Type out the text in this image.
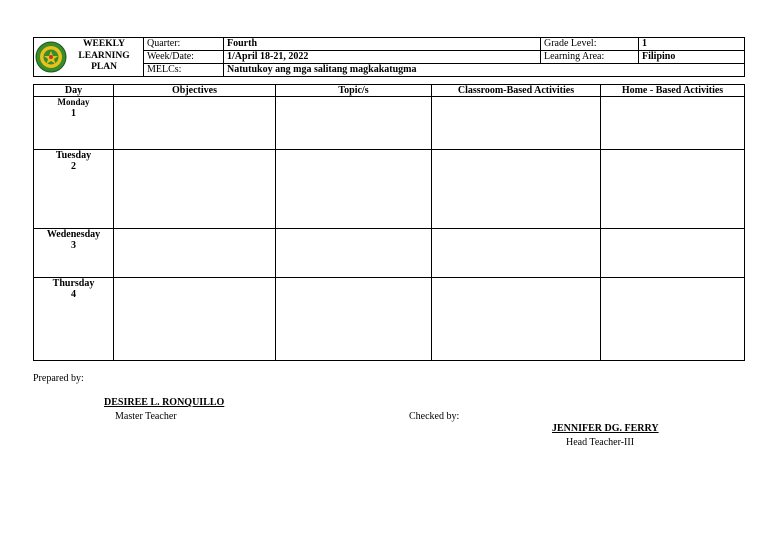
WEEKLY
LEARNING
PLAN	Quarter:	Fourth	Grade Level:	1
	Week/Date:	1/April 18-21, 2022	Learning Area:	Filipino
	MELCs:	Natutukoy ang mga salitang magkakatugma		
Day	Objectives	Topic/s	Classroom-Based Activities	Home - Based Activities
Monday
1				

Tuesday
2				

Wedenesday
3				

Thursday
4				

Prepared by:
DESIREE L. RONQUILLO
Master Teacher	Checked by:
JENNIFER DG. FERRY
Head Teacher-III
